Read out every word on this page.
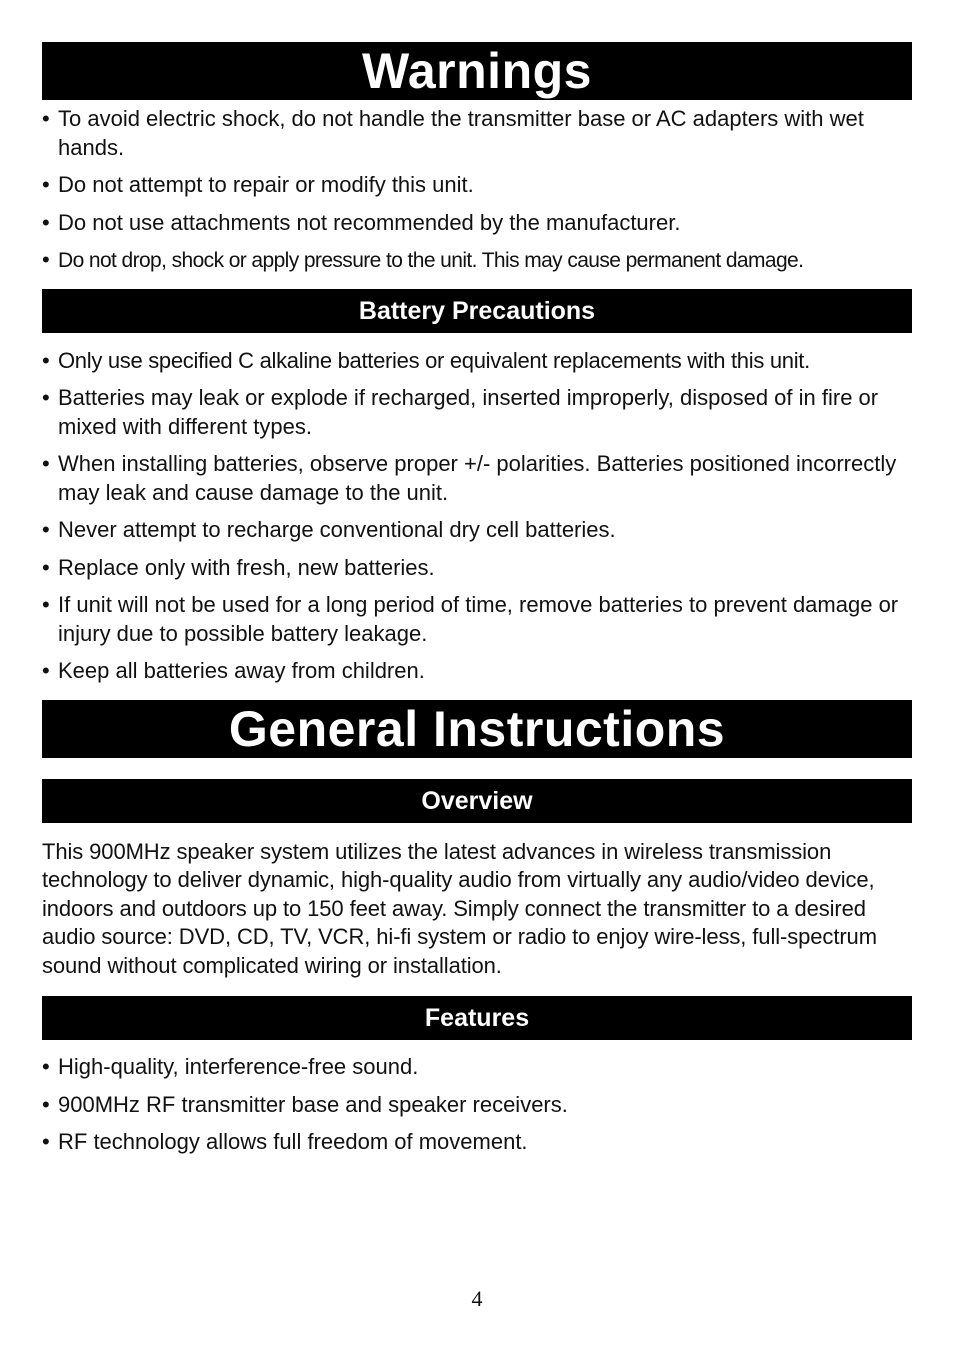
Warnings
• To avoid electric shock, do not handle the transmitter base or AC adapters with wet hands.
• Do not attempt to repair or modify this unit.
• Do not use attachments not recommended by the manufacturer.
• Do not drop, shock or apply pressure to the unit. This may cause permanent damage.
Battery Precautions
• Only use specified C alkaline batteries or equivalent replacements with this unit.
• Batteries may leak or explode if recharged, inserted improperly, disposed of in fire or mixed with different types.
• When installing batteries, observe proper +/- polarities. Batteries positioned incorrectly may leak and cause damage to the unit.
• Never attempt to recharge conventional dry cell batteries.
• Replace only with fresh, new batteries.
• If unit will not be used for a long period of time, remove batteries to prevent damage or injury due to possible battery leakage.
• Keep all batteries away from children.
General Instructions
Overview

This 900MHz speaker system utilizes the latest advances in wireless transmission technology to deliver dynamic, high-quality audio from virtually any audio/video device, indoors and outdoors up to 150 feet away. Simply connect the transmitter to a desired audio source: DVD, CD, TV, VCR, hi-fi system or radio to enjoy wire-less, full-spectrum sound without complicated wiring or installation.

Features
• High-quality, interference-free sound.
• 900MHz RF transmitter base and speaker receivers.
• RF technology allows full freedom of movement.
4
